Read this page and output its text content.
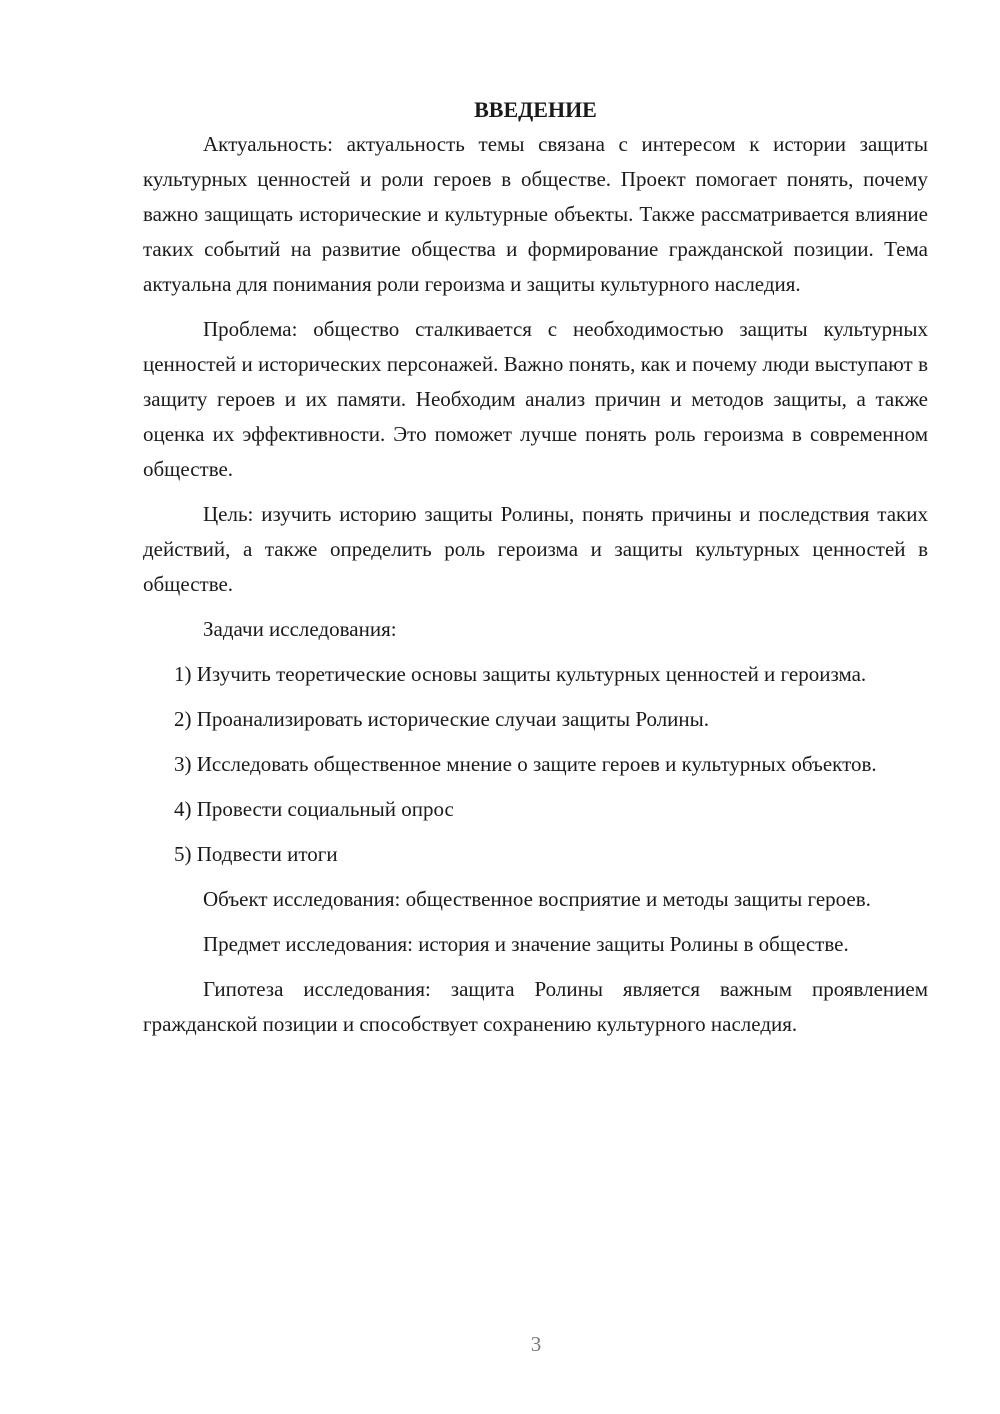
ВВЕДЕНИЕ

Актуальность: актуальность темы связана с интересом к истории защиты культурных ценностей и роли героев в обществе. Проект помогает понять, почему важно защищать исторические и культурные объекты. Также рассматривается влияние таких событий на развитие общества и формирование гражданской позиции. Тема актуальна для понимания роли героизма и защиты культурного наследия.

Проблема: общество сталкивается с необходимостью защиты культурных ценностей и исторических персонажей. Важно понять, как и почему люди выступают в защиту героев и их памяти. Необходим анализ причин и методов защиты, а также оценка их эффективности. Это поможет лучше понять роль героизма в современном обществе.

Цель: изучить историю защиты Ролины, понять причины и последствия таких действий, а также определить роль героизма и защиты культурных ценностей в обществе.

Задачи исследования:

1) Изучить теоретические основы защиты культурных ценностей и героизма.

2) Проанализировать исторические случаи защиты Ролины.

3) Исследовать общественное мнение о защите героев и культурных объектов.

4) Провести социальный опрос

5) Подвести итоги

Объект исследования: общественное восприятие и методы защиты героев.

Предмет исследования: история и значение защиты Ролины в обществе.

Гипотеза исследования: защита Ролины является важным проявлением гражданской позиции и способствует сохранению культурного наследия.

3
